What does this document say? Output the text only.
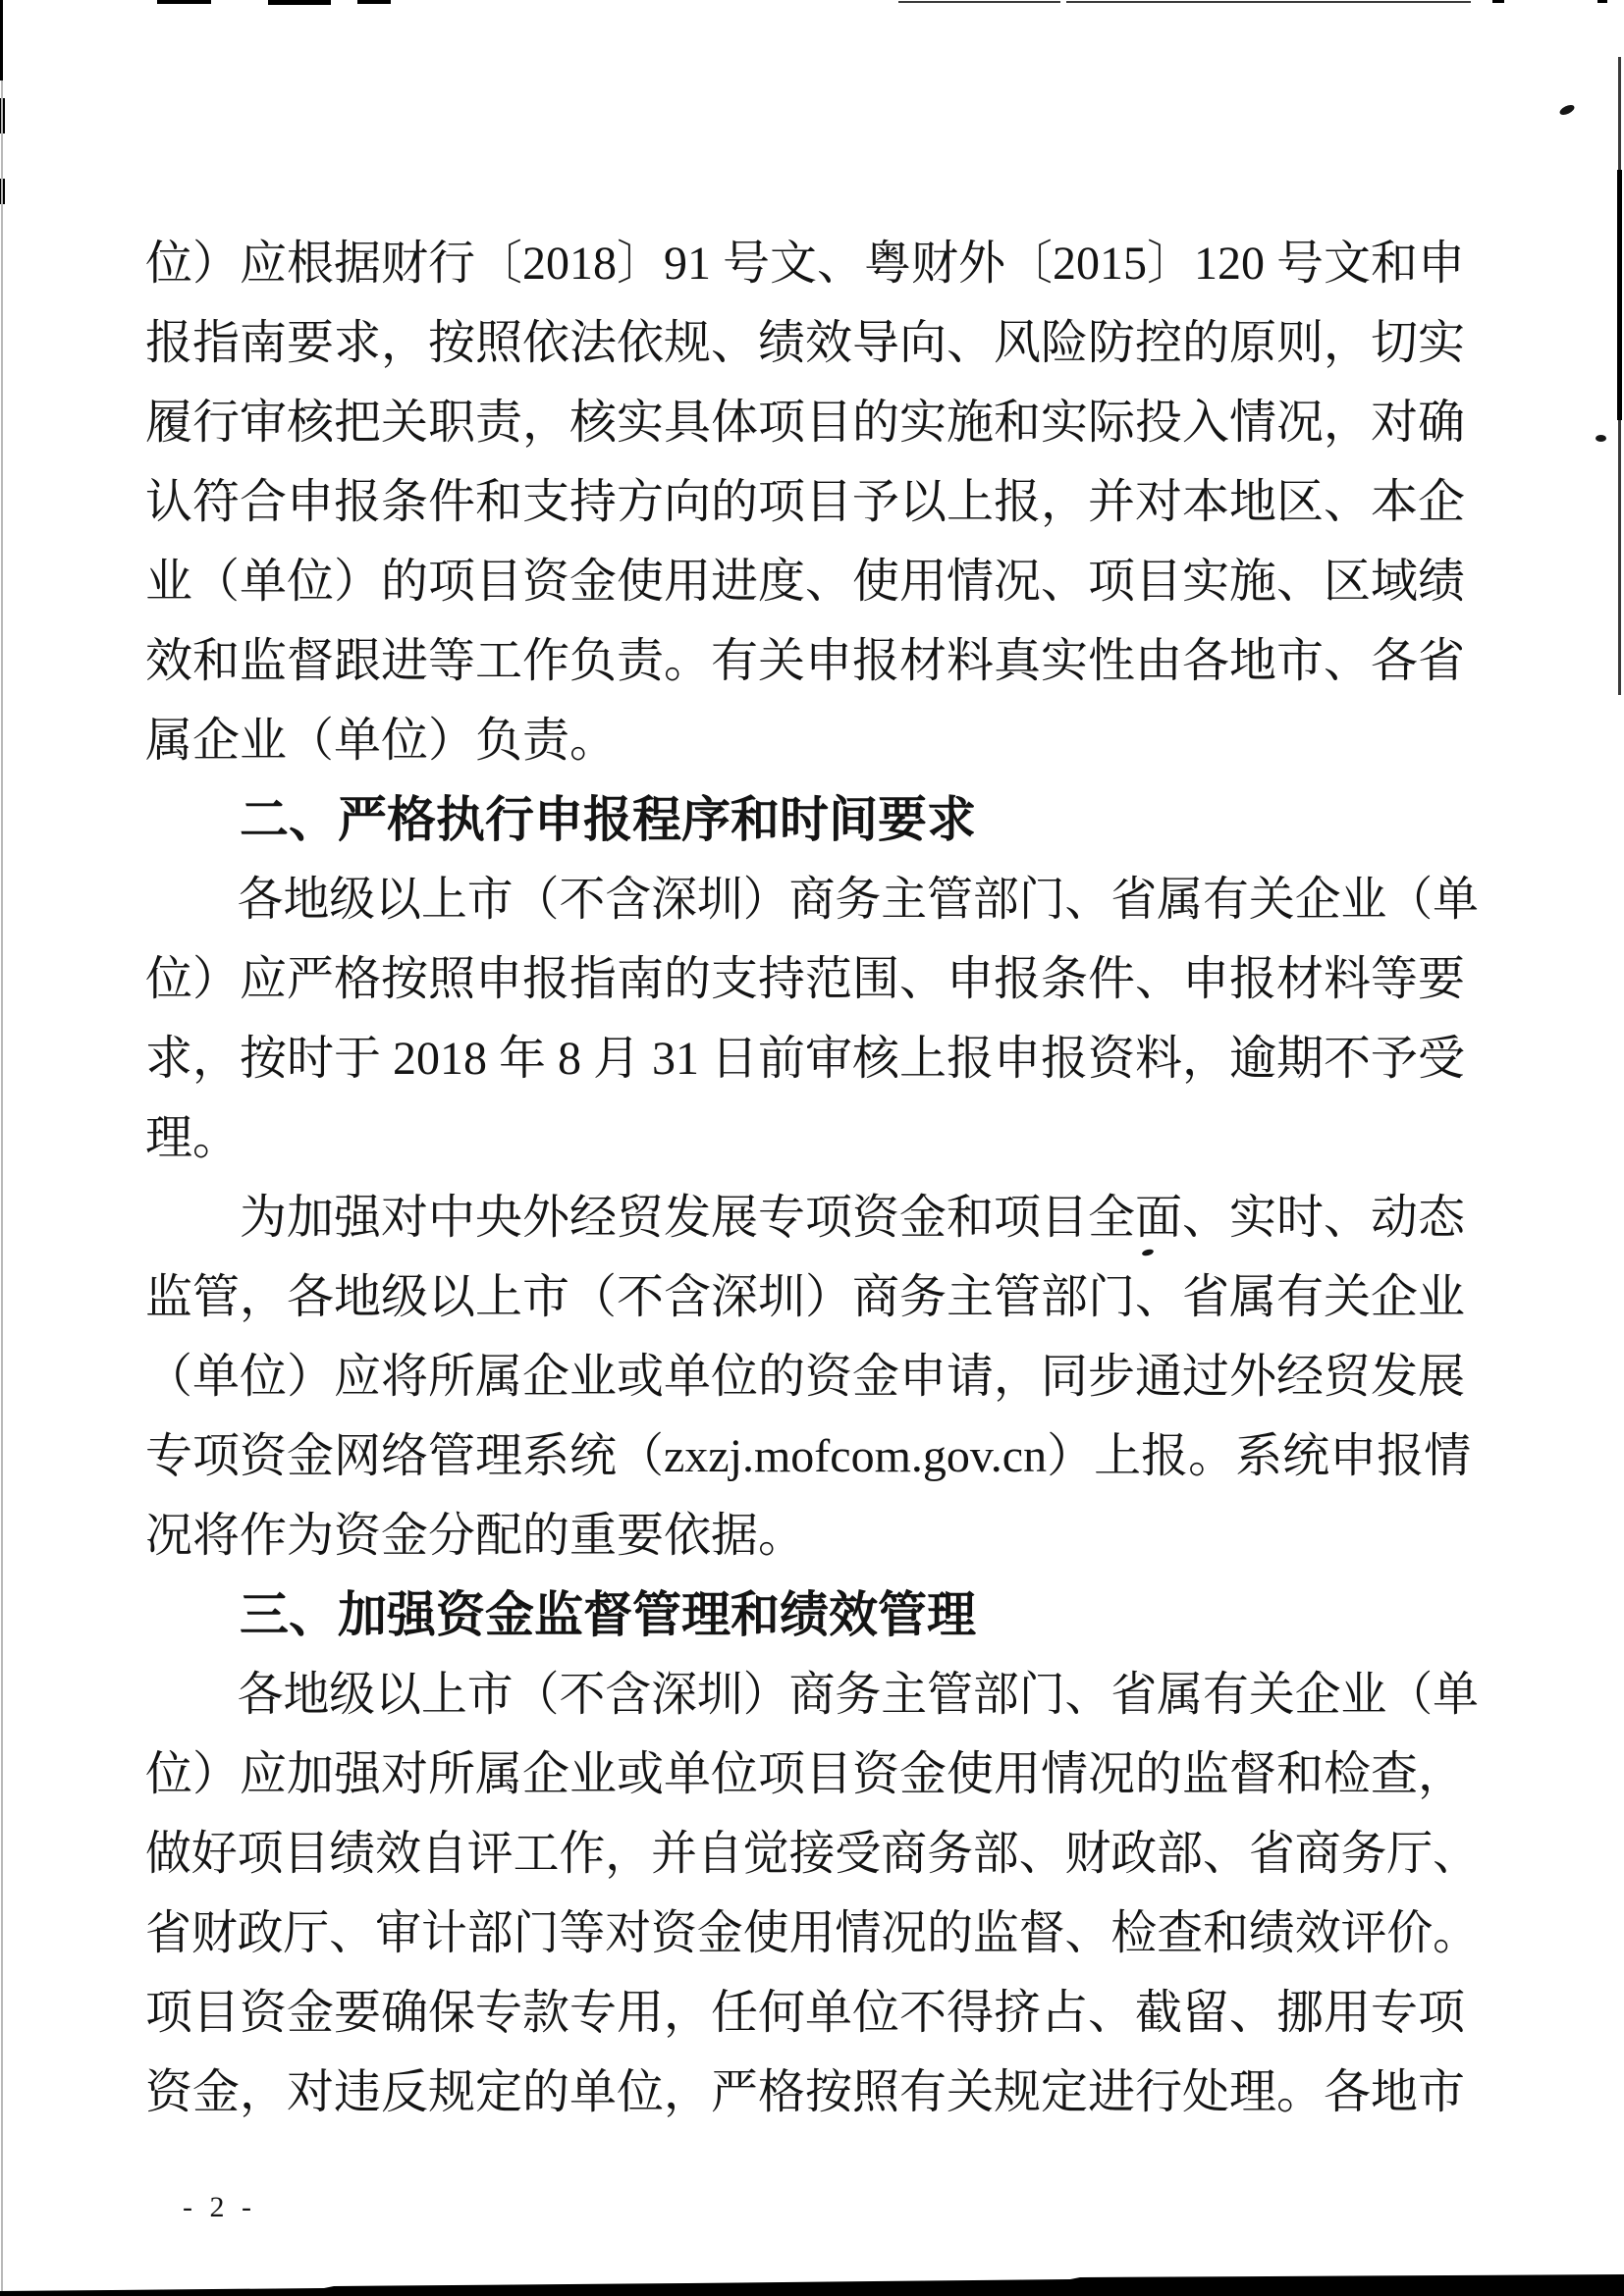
位）应根据财行〔2018〕91 号文、粤财外〔2015〕120 号文和申
报指南要求，按照依法依规、绩效导向、风险防控的原则，切实
履行审核把关职责，核实具体项目的实施和实际投入情况，对确
认符合申报条件和支持方向的项目予以上报，并对本地区、本企
业（单位）的项目资金使用进度、使用情况、项目实施、区域绩
效和监督跟进等工作负责。有关申报材料真实性由各地市、各省
属企业（单位）负责。
二、严格执行申报程序和时间要求
各地级以上市（不含深圳）商务主管部门、省属有关企业（单
位）应严格按照申报指南的支持范围、申报条件、申报材料等要
求，按时于 2018 年 8 月 31 日前审核上报申报资料，逾期不予受
理。
为加强对中央外经贸发展专项资金和项目全面、实时、动态
监管，各地级以上市（不含深圳）商务主管部门、省属有关企业
（单位）应将所属企业或单位的资金申请，同步通过外经贸发展
专项资金网络管理系统（zxzj.mofcom.gov.cn）上报。系统申报情
况将作为资金分配的重要依据。
三、加强资金监督管理和绩效管理
各地级以上市（不含深圳）商务主管部门、省属有关企业（单
位）应加强对所属企业或单位项目资金使用情况的监督和检查，
做好项目绩效自评工作，并自觉接受商务部、财政部、省商务厅、
省财政厅、审计部门等对资金使用情况的监督、检查和绩效评价。
项目资金要确保专款专用，任何单位不得挤占、截留、挪用专项
资金，对违反规定的单位，严格按照有关规定进行处理。各地市
- 2 -
